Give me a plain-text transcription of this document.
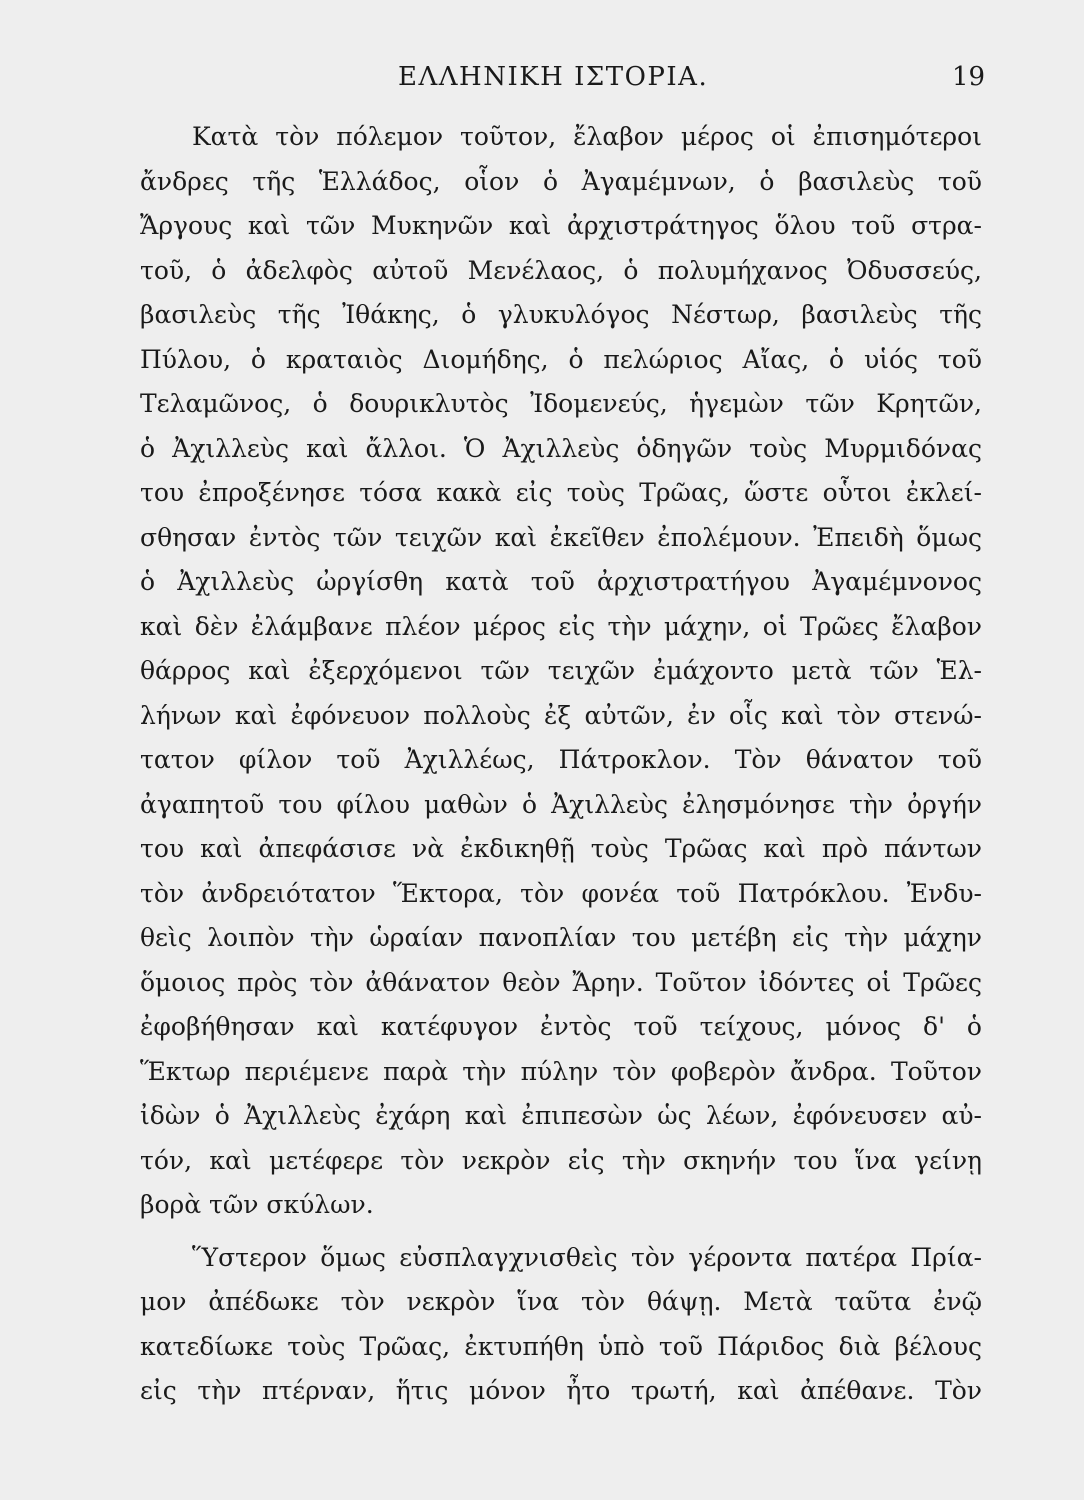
ΕΛΛΗΝΙΚΗ ΙΣΤΟΡΙΑ.	19
Κατὰ τὸν πόλεμον τοῦτον, ἔλαβον μέρος οἱ ἐπισημότεροι
ἄνδρες τῆς Ἑλλάδος, οἷον ὁ Ἀγαμέμνων, ὁ βασιλεὺς τοῦ
Ἄργους καὶ τῶν Μυκηνῶν καὶ ἀρχιστράτηγος ὅλου τοῦ στρα-
τοῦ, ὁ ἀδελφὸς αὐτοῦ Μενέλαος, ὁ πολυμήχανος Ὀδυσσεύς,
βασιλεὺς τῆς Ἰθάκης, ὁ γλυκυλόγος Νέστωρ, βασιλεὺς τῆς
Πύλου, ὁ κραταιὸς Διομήδης, ὁ πελώριος Αἴας, ὁ υἱός τοῦ
Τελαμῶνος, ὁ δουρικλυτὸς Ἰδομενεύς, ἡγεμὼν τῶν Κρητῶν,
ὁ Ἀχιλλεὺς καὶ ἄλλοι. Ὁ Ἀχιλλεὺς ὁδηγῶν τοὺς Μυρμιδόνας
του ἐπροξένησε τόσα κακὰ εἰς τοὺς Τρῶας, ὥστε οὗτοι ἐκλεί-
σθησαν ἐντὸς τῶν τειχῶν καὶ ἐκεῖθεν ἐπολέμουν. Ἐπειδὴ ὅμως
ὁ Ἀχιλλεὺς ὠργίσθη κατὰ τοῦ ἀρχιστρατήγου Ἀγαμέμνονος
καὶ δὲν ἐλάμβανε πλέον μέρος εἰς τὴν μάχην, οἱ Τρῶες ἔλαβον
θάρρος καὶ ἐξερχόμενοι τῶν τειχῶν ἐμάχοντο μετὰ τῶν Ἑλ-
λήνων καὶ ἐφόνευον πολλοὺς ἐξ αὐτῶν, ἐν οἷς καὶ τὸν στενώ-
τατον φίλον τοῦ Ἀχιλλέως, Πάτροκλον. Τὸν θάνατον τοῦ
ἀγαπητοῦ του φίλου μαθὼν ὁ Ἀχιλλεὺς ἐλησμόνησε τὴν ὀργήν
του καὶ ἀπεφάσισε νὰ ἐκδικηθῇ τοὺς Τρῶας καὶ πρὸ πάντων
τὸν ἀνδρειότατον Ἕκτορα, τὸν φονέα τοῦ Πατρόκλου. Ἐνδυ-
θεὶς λοιπὸν τὴν ὡραίαν πανοπλίαν του μετέβη εἰς τὴν μάχην
ὅμοιος πρὸς τὸν ἀθάνατον θεὸν Ἄρην. Τοῦτον ἰδόντες οἱ Τρῶες
ἐφοβήθησαν καὶ κατέφυγον ἐντὸς τοῦ τείχους, μόνος δ' ὁ
Ἕκτωρ περιέμενε παρὰ τὴν πύλην τὸν φοβερὸν ἄνδρα. Τοῦτον
ἰδὼν ὁ Ἀχιλλεὺς ἐχάρη καὶ ἐπιπεσὼν ὡς λέων, ἐφόνευσεν αὐ-
τόν, καὶ μετέφερε τὸν νεκρὸν εἰς τὴν σκηνήν του ἵνα γείνῃ
βορὰ τῶν σκύλων.
Ὕστερον ὅμως εὐσπλαγχνισθεὶς τὸν γέροντα πατέρα Πρία-
μον ἀπέδωκε τὸν νεκρὸν ἵνα τὸν θάψῃ. Μετὰ ταῦτα ἐνῷ
κατεδίωκε τοὺς Τρῶας, ἐκτυπήθη ὑπὸ τοῦ Πάριδος διὰ βέλους
εἰς τὴν πτέρναν, ἥτις μόνον ἦτο τρωτή, καὶ ἀπέθανε. Τὸν
